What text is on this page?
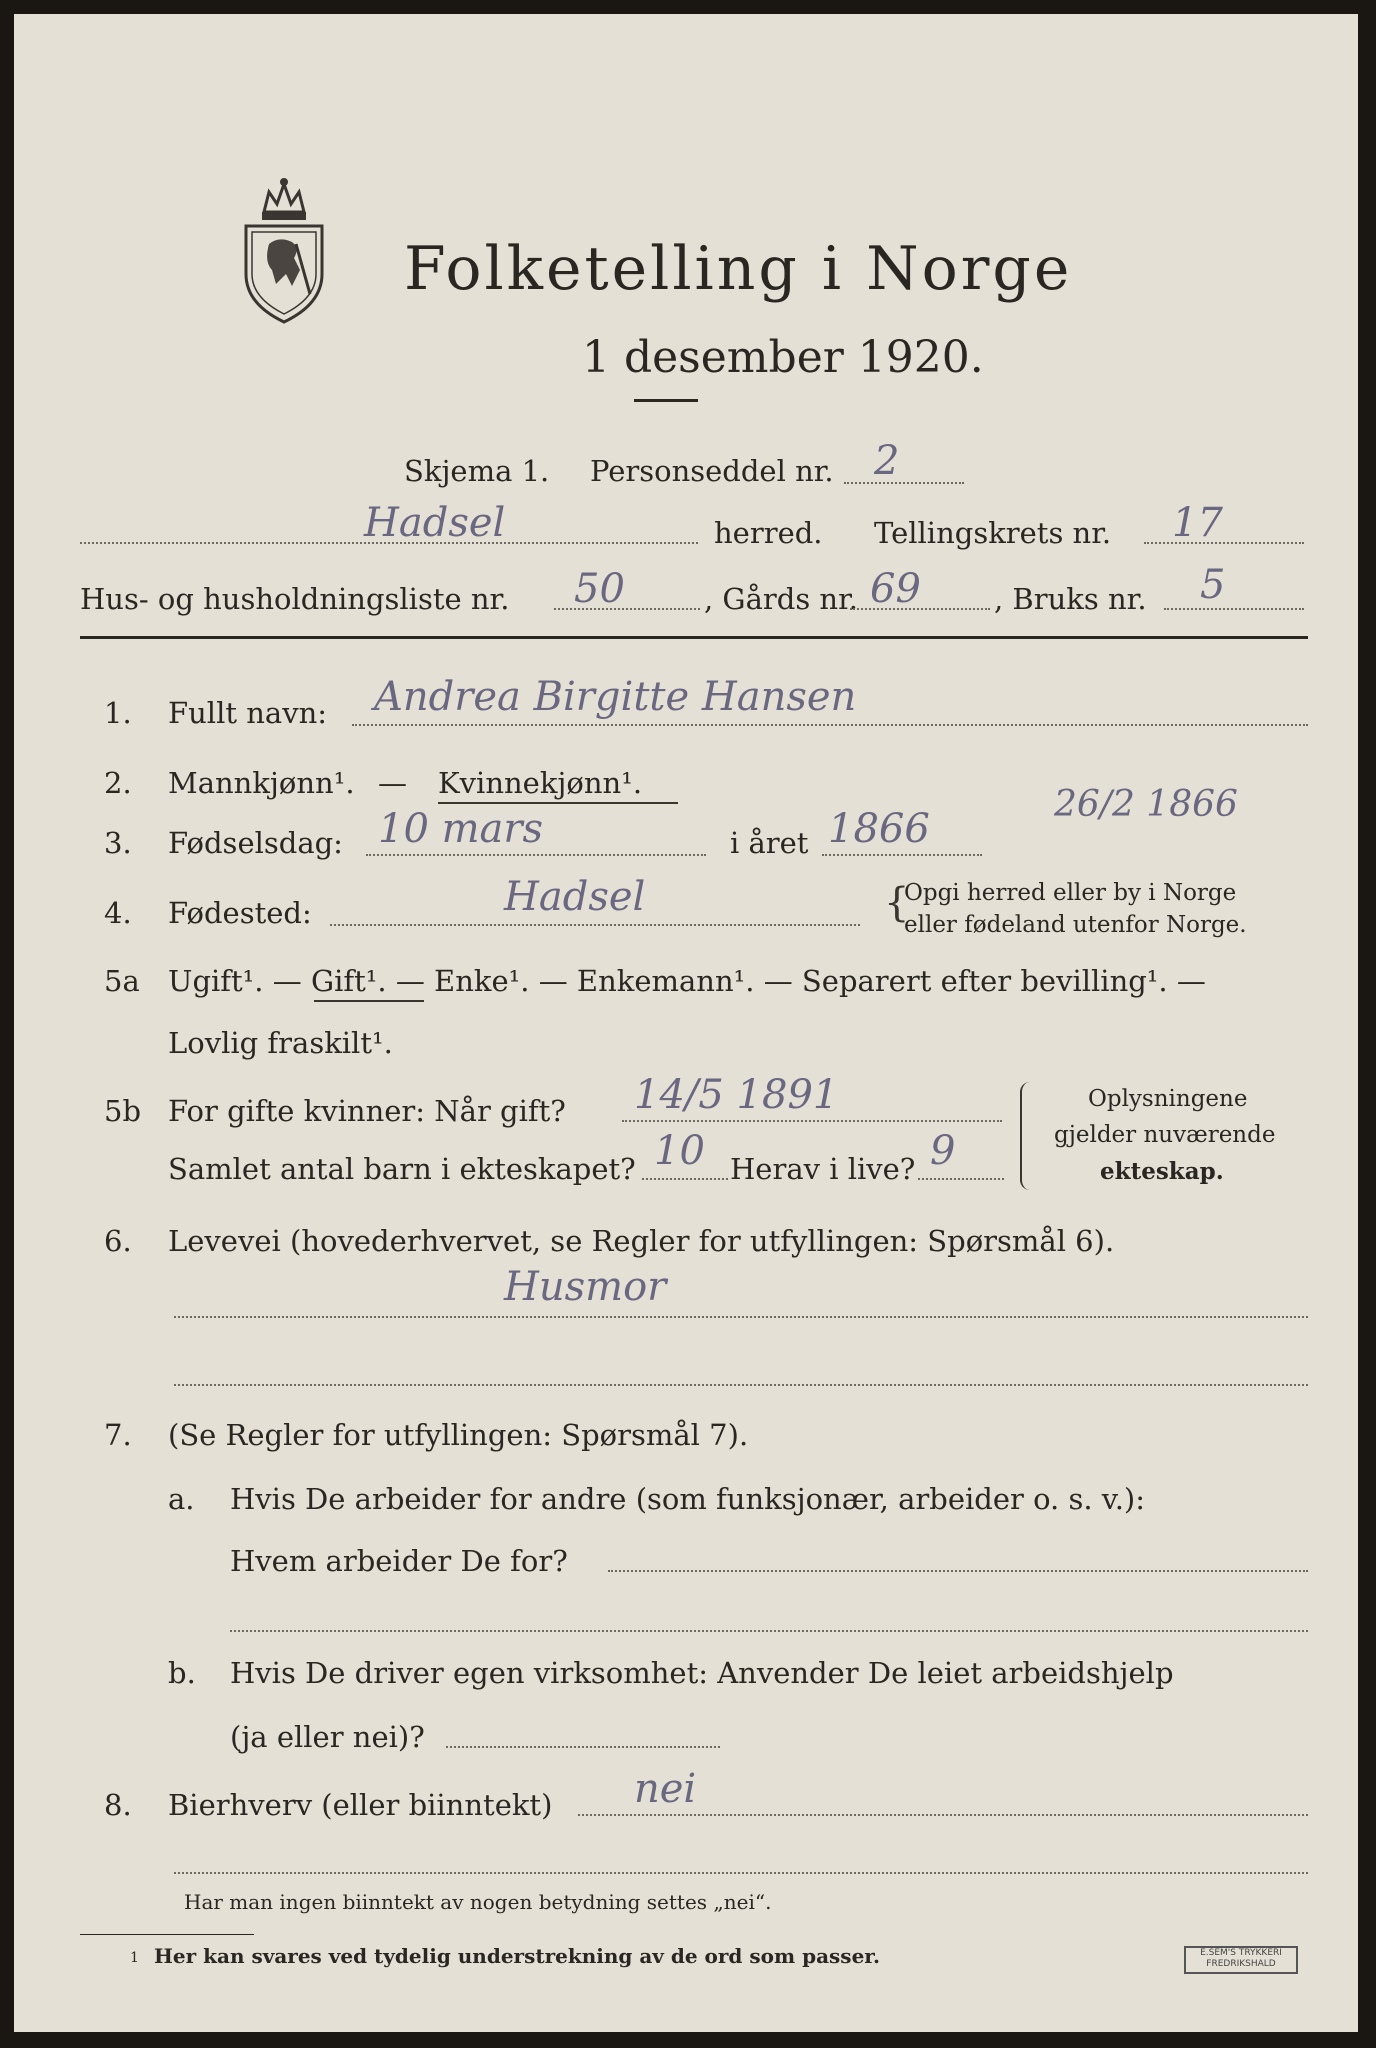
Folketelling i Norge
1 desember 1920.
Skjema 1. Personseddel nr. 2
Hadsel	herred. Tellingskrets nr. 17
Hus- og husholdningsliste nr. 50	, Gårds nr. 69	, Bruks nr. 5
1. Fullt navn: Andrea Birgitte Hansen
2. Mannkjønn¹. — Kvinnekjønn¹.
3. Fødselsdag: 10 mars	i året 1866
26/2 1866
4. Fødested:	Hadsel	{
Opgi herred eller by i Norge
eller fødeland utenfor Norge.
5a Ugift¹. — Gift¹. — Enke¹. — Enkemann¹. — Separert efter bevilling¹. —
Lovlig fraskilt¹.
5b For gifte kvinner: Når gift? 14/5 1891
Samlet antal barn i ekteskapet? 10 Herav i live? 9
Oplysningene
gjelder nuværende
ekteskap.
6. Levevei (hovederhvervet, se Regler for utfyllingen: Spørsmål 6).
Husmor
7. (Se Regler for utfyllingen: Spørsmål 7).
a. Hvis De arbeider for andre (som funksjonær, arbeider o. s. v.):
Hvem arbeider De for?
b. Hvis De driver egen virksomhet: Anvender De leiet arbeidshjelp
(ja eller nei)?
8. Bierhverv (eller biinntekt) nei
Har man ingen biinntekt av nogen betydning settes „nei“.
1 Her kan svares ved tydelig understrekning av de ord som passer.	E.SEM'S TRYKKERI
FREDRIKSHALD
